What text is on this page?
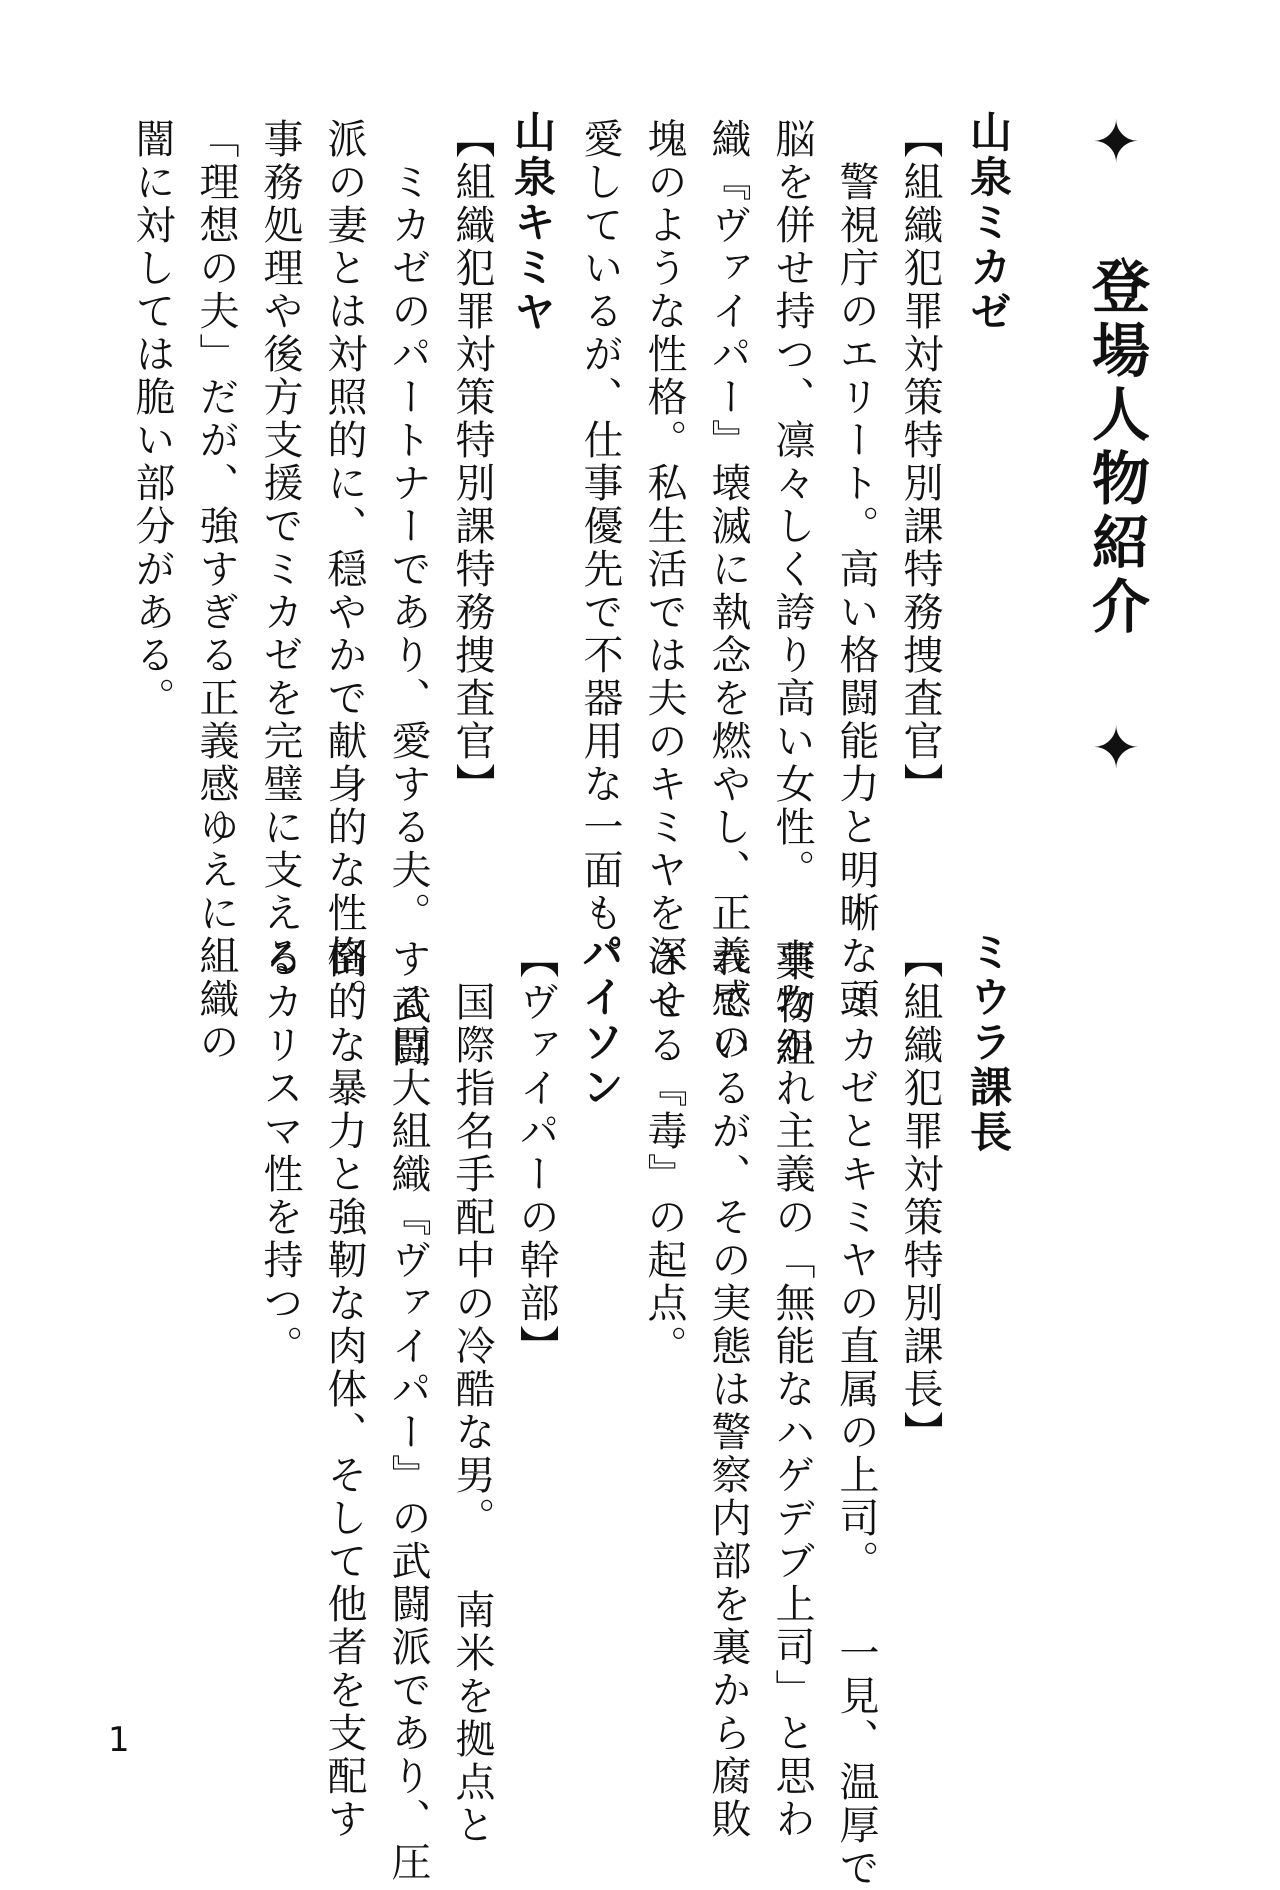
✦ 登場人物紹介 ✦
山泉ミカゼ
【組織犯罪対策特別課特務捜査官】
　警視庁のエリート。高い格闘能力と明晰な頭
脳を併せ持つ、凛々しく誇り高い女性。 薬物組
織『ヴァイパー』壊滅に執念を燃やし、正義感の
塊のような性格。私生活では夫のキミヤを深く
愛しているが、仕事優先で不器用な一面も。
山泉キミヤ
【組織犯罪対策特別課特務捜査官】
　ミカゼのパートナーであり、愛する夫。 武闘
派の妻とは対照的に、穏やかで献身的な性格。
事務処理や後方支援でミカゼを完璧に支える
「理想の夫」だが、強すぎる正義感ゆえに組織の
闇に対しては脆い部分がある。
ミウラ課長
【組織犯罪対策特別課長】
　ミカゼとキミヤの直属の上司。 一見、温厚で
事なかれ主義の「無能なハゲデブ上司」と思わ
れているが、その実態は警察内部を裏から腐敗
させる『毒』の起点。
パイソン
【ヴァイパーの幹部】
　国際指名手配中の冷酷な男。 南米を拠点と
する巨大組織『ヴァイパー』の武闘派であり、圧
倒的な暴力と強靭な肉体、そして他者を支配す
るカリスマ性を持つ。
1
